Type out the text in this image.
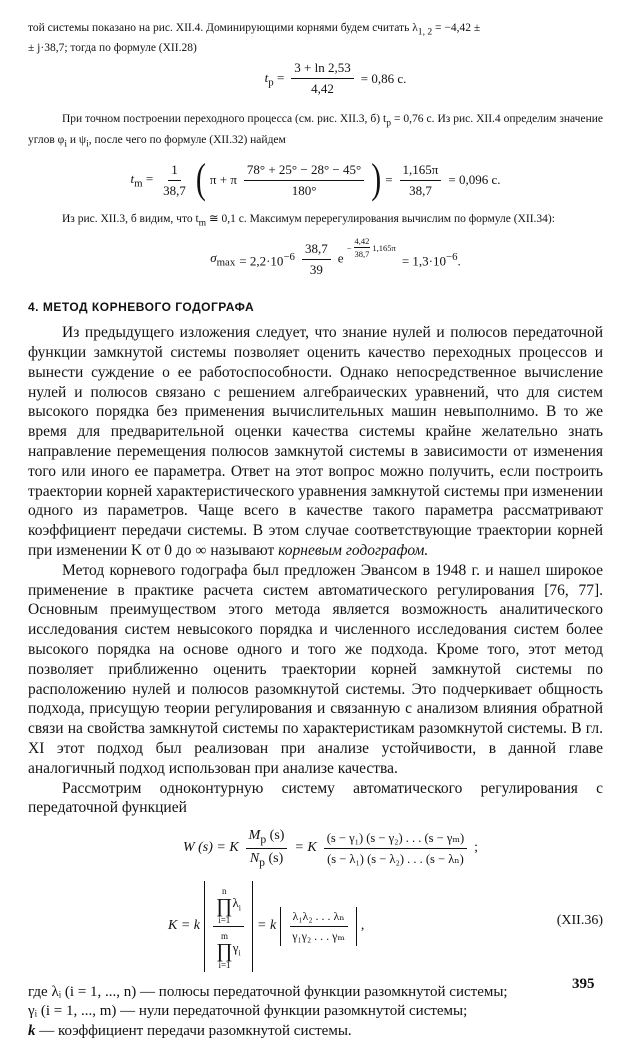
той системы показано на рис. XII.4. Доминирующими корнями будем считать $\lambda_{1, 2} = -4,42$ ±
± j·38,7; тогда по формуле (XII.28)
$t_р = \frac{3 + \ln 2,53}{4,42} = 0,86$ с.
При точном построении переходного процесса (см. рис. XII.3, б) $t_р = 0,76$ с. Из рис. XII.4 определим значение углов $\varphi_i$ и $\psi_i$, после чего по формуле (XII.32) найдем
$t_m = \frac{1}{38,7}$ ( π + π $\frac{78^\circ + 25^\circ - 28^\circ - 45^\circ}{180^\circ}$ ) = $\frac{1,165\pi}{38,7} = 0,096$ с.
Из рис. XII.3, б видим, что $t_m$ ≅ 0,1 с. Максимум перерегулирования вычислим по формуле (XII.34):
$\sigma_{max} = 2,2\cdot 10^{-6} \frac{38,7}{39}$ e
− $\frac{4,42}{38,7} 1,165\pi$
= $1,3\cdot 10^{-6}$.
4. МЕТОД КОРНЕВОГО ГОДОГРАФА
Из предыдущего изложения следует, что знание нулей и полюсов передаточной функции замкнутой системы позволяет оценить качество переходных процессов и вынести суждение о ее работоспособности. Однако непосредственное вычисление нулей и полюсов связано с решением алгебраических уравнений, что для систем высокого порядка без применения вычислительных машин невыполнимо. В то же время для предварительной оценки качества системы крайне желательно знать направление перемещения полюсов замкнутой системы в зависимости от изменения того или иного ее параметра. Ответ на этот вопрос можно получить, если построить траектории корней характеристического уравнения замкнутой системы при изменении одного из параметров. Чаще всего в качестве такого параметра рассматривают коэффициент передачи системы. В этом случае соответствующие траектории корней при изменении K от 0 до ∞ называют корневым годографом.
Метод корневого годографа был предложен Эвансом в 1948 г. и нашел широкое применение в практике расчета систем автоматического регулирования [76, 77]. Основным преимуществом этого метода является возможность аналитического исследования систем невысокого порядка и численного исследования систем более высокого порядка на основе одного и того же подхода. Кроме того, этот метод позволяет приближенно оценить траектории корней замкнутой системы по расположению нулей и полюсов разомкнутой системы. Это подчеркивает общность подхода, присущую теории регулирования и связанную с анализом влияния обратной связи на свойства замкнутой системы по характеристикам разомкнутой системы. В гл. XI этот подход был реализован при анализе устойчивости, в данной главе аналогичный подход использован при анализе качества.
Рассмотрим одноконтурную систему автоматического регулирования с передаточной функцией
W (s) = K $\frac{M_р (s)}{N_р (s)} = K \frac{\text{(s − γ₁) (s − γ₂) . . . (s − γₘ)}}{\text{(s − λ₁) (s − λ₂) . . . (s − λₙ)}}$ ;
K = k
n
∏
i=1
$\lambda_i$
m
∏
i=1
$\gamma_i$
= k $\frac{\text{λ₁λ₂ . . . λₙ}}{\text{γ₁γ₂ . . . γₘ}}$ ,	(XII.36)
где λᵢ (i = 1, ..., n) — полюсы передаточной функции разомкнутой системы;
γᵢ (i = 1, ..., m) — нули передаточной функции разомкнутой системы;
k — коэффициент передачи разомкнутой системы.
395
